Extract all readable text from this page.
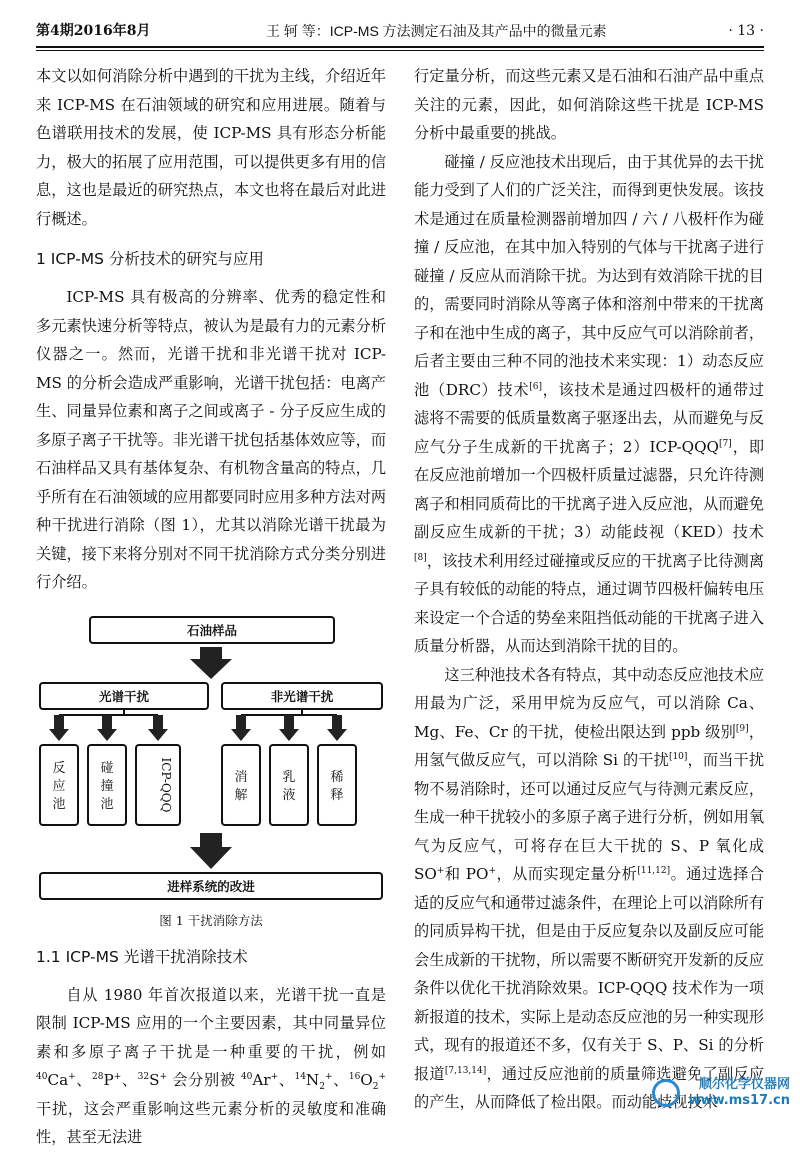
第4期2016年8月	王 轲 等：ICP-MS 方法测定石油及其产品中的微量元素	· 13 ·

本文以如何消除分析中遇到的干扰为主线，介绍近年来 ICP-MS 在石油领域的研究和应用进展。随着与色谱联用技术的发展，使 ICP-MS 具有形态分析能力，极大的拓展了应用范围，可以提供更多有用的信息，这也是最近的研究热点，本文也将在最后对此进行概述。

1 ICP-MS 分析技术的研究与应用

ICP-MS 具有极高的分辨率、优秀的稳定性和多元素快速分析等特点，被认为是最有力的元素分析仪器之一。然而，光谱干扰和非光谱干扰对 ICP-MS 的分析会造成严重影响，光谱干扰包括：电离产生、同量异位素和离子之间或离子 - 分子反应生成的多原子离子干扰等。非光谱干扰包括基体效应等，而石油样品又具有基体复杂、有机物含量高的特点，几乎所有在石油领域的应用都要同时应用多种方法对两种干扰进行消除（图 1），尤其以消除光谱干扰最为关键，接下来将分别对不同干扰消除方式分类分别进行介绍。

石油样品
光谱干扰	非光谱干扰
进样系统的改进
反应池
碰撞池	ICP-QQQ	消解
乳液
稀释
图 1 干扰消除方法
1.1 ICP-MS 光谱干扰消除技术

自从 1980 年首次报道以来，光谱干扰一直是限制 ICP-MS 应用的一个主要因素，其中同量异位素和多原子离子干扰是一种重要的干扰，例如$^{40}$Ca+、$^{28}$P+、$^{32}$S+ 会分别被 $^{40}$Ar+、$^{14}N_2^+$、$^{16}O_2^+$ 干扰，这会严重影响这些元素分析的灵敏度和准确性，甚至无法进

行定量分析，而这些元素又是石油和石油产品中重点关注的元素，因此，如何消除这些干扰是 ICP-MS 分析中最重要的挑战。

碰撞 / 反应池技术出现后，由于其优异的去干扰能力受到了人们的广泛关注，而得到更快发展。该技术是通过在质量检测器前增加四 / 六 / 八极杆作为碰撞 / 反应池，在其中加入特别的气体与干扰离子进行碰撞 / 反应从而消除干扰。为达到有效消除干扰的目的，需要同时消除从等离子体和溶剂中带来的干扰离子和在池中生成的离子，其中反应气可以消除前者，后者主要由三种不同的池技术来实现：1）动态反应池（DRC）技术[6]，该技术是通过四极杆的通带过滤将不需要的低质量数离子驱逐出去，从而避免与反应气分子生成新的干扰离子；2）ICP-QQQ[7]，即在反应池前增加一个四极杆质量过滤器，只允许待测离子和相同质荷比的干扰离子进入反应池，从而避免副反应生成新的干扰；3）动能歧视（KED）技术[8]，该技术利用经过碰撞或反应的干扰离子比待测离子具有较低的动能的特点，通过调节四极杆偏转电压来设定一个合适的势垒来阻挡低动能的干扰离子进入质量分析器，从而达到消除干扰的目的。

这三种池技术各有特点，其中动态反应池技术应用最为广泛，采用甲烷为反应气，可以消除 Ca、Mg、Fe、Cr 的干扰，使检出限达到 ppb 级别[9]，用氢气做反应气，可以消除 Si 的干扰[10]，而当干扰物不易消除时，还可以通过反应气与待测元素反应，生成一种干扰较小的多原子离子进行分析，例如用氧气为反应气，可将存在巨大干扰的 S、P 氧化成 SO+和 PO+，从而实现定量分析[11,12]。通过选择合适的反应气和通带过滤条件，在理论上可以消除所有的同质异构干扰，但是由于反应复杂以及副反应可能会生成新的干扰物，所以需要不断研究开发新的反应条件以优化干扰消除效果。ICP-QQQ 技术作为一项新报道的技术，实际上是动态反应池的另一种实现形式，现有的报道还不多，仅有关于 S、P、Si 的分析报道[7,13,14]，通过反应池前的质量筛选避免了副反应的产生，从而降低了检出限。而动能歧视技术

顺尔化学仪器网
www.ms17.cn
